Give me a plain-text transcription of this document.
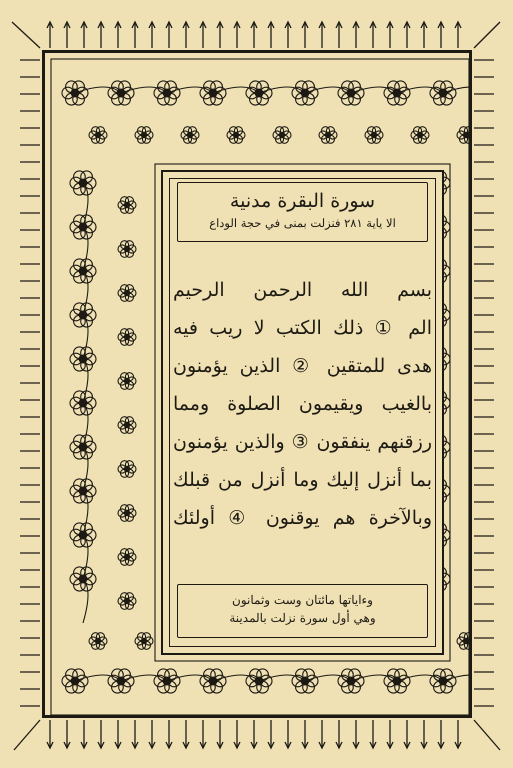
سورة البقرة مدنية
الا ياية ٢٨١ فنزلت بمنى في حجة الوداع
بسم الله الرحمن الرحيم
الم ① ذلك الكتب لا ريب فيه
هدى للمتقين ② الذين يؤمنون
بالغيب ويقيمون الصلوة ومما
رزقنهم ينفقون ③ والذين يؤمنون
بما أنزل إليك وما أنزل من قبلك
وبالآخرة هم يوقنون ④ أولئك
وءاياتها مائتان وست وثمانون
وهي أول سورة نزلت بالمدينة
